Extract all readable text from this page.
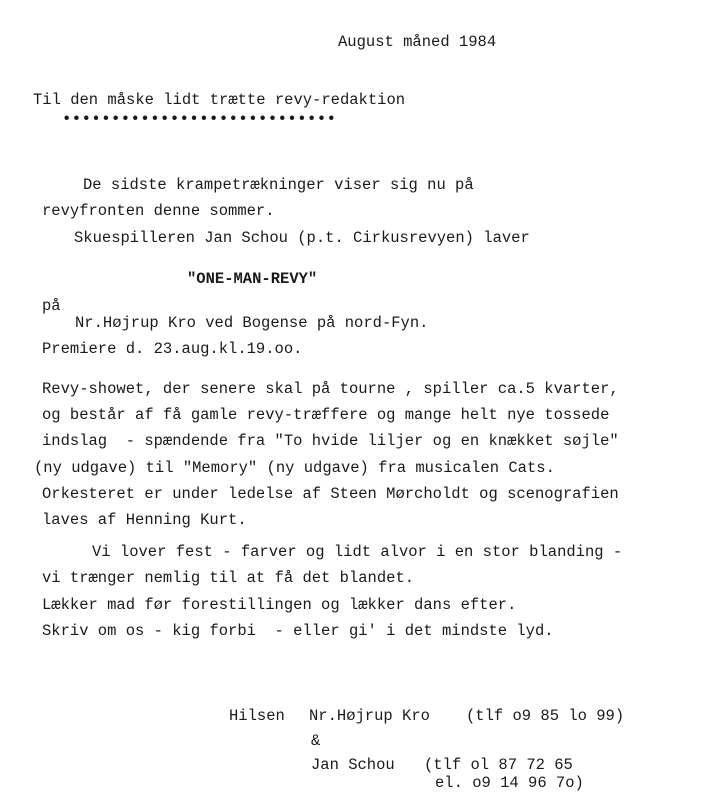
August måned 1984
Til den måske lidt trætte revy-redaktion
••••••••••••••••••••••••••••
De sidste krampetrækninger viser sig nu på
revyfronten denne sommer.
Skuespilleren Jan Schou (p.t. Cirkusrevyen) laver
"ONE-MAN-REVY"
på
Nr.Højrup Kro ved Bogense på nord-Fyn.
Premiere d. 23.aug.kl.19.oo.
Revy-showet, der senere skal på tourne , spiller ca.5 kvarter,
og består af få gamle revy-træffere og mange helt nye tossede
indslag  - spændende fra "To hvide liljer og en knækket søjle"
(ny udgave) til "Memory" (ny udgave) fra musicalen Cats.
Orkesteret er under ledelse af Steen Mørcholdt og scenografien
laves af Henning Kurt.
Vi lover fest - farver og lidt alvor i en stor blanding -
vi trænger nemlig til at få det blandet.
Lækker mad før forestillingen og lækker dans efter.
Skriv om os - kig forbi  - eller gi' i det mindste lyd.
Hilsen Nr.Højrup Kro (tlf o9 85 lo 99)
&
Jan Schou (tlf ol 87 72 65
el. o9 14 96 7o)
